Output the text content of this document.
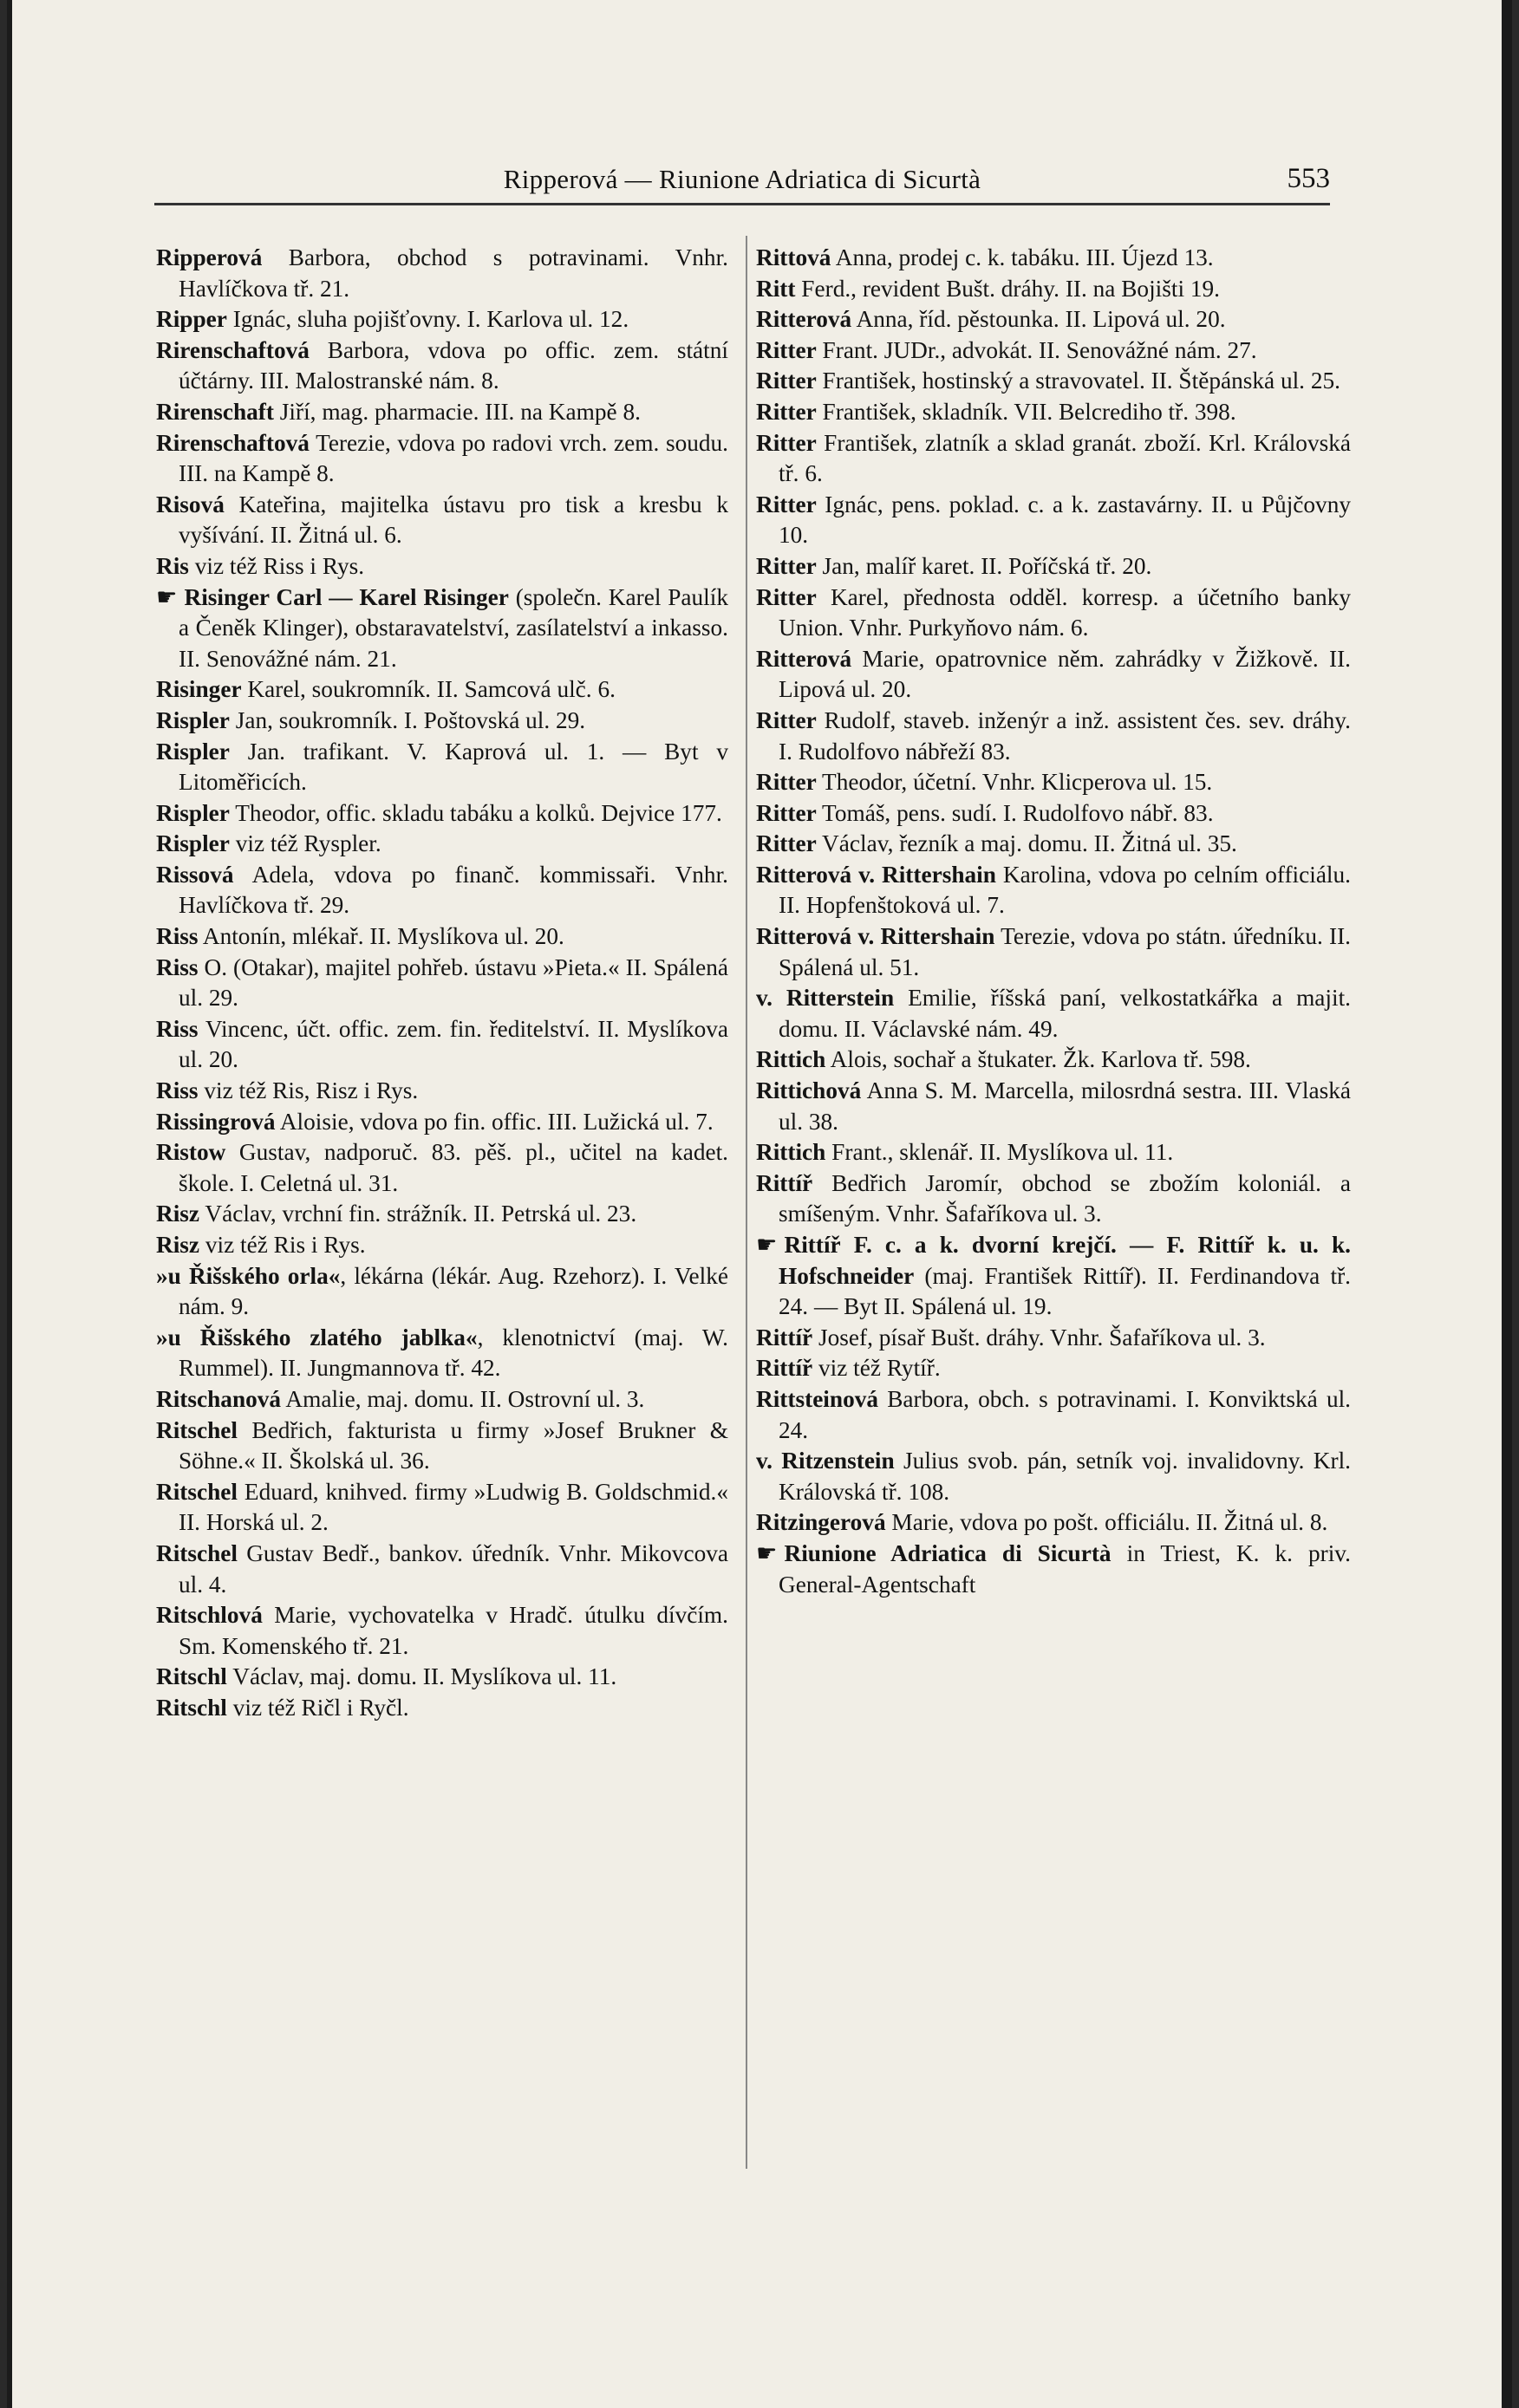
Ripperová — Riunione Adriatica di Sicurtà	553
Ripperová Barbora, obchod s potravinami. Vnhr. Havlíčkova tř. 21.
Ripper Ignác, sluha pojišťovny. I. Karlova ul. 12.
Rirenschaftová Barbora, vdova po offic. zem. státní účtárny. III. Malostranské nám. 8.
Rirenschaft Jiří, mag. pharmacie. III. na Kampě 8.
Rirenschaftová Terezie, vdova po radovi vrch. zem. soudu. III. na Kampě 8.
Risová Kateřina, majitelka ústavu pro tisk a kresbu k vyšívání. II. Žitná ul. 6.
Ris viz též Riss i Rys.
☛ Risinger Carl — Karel Risinger (společn. Karel Paulík a Čeněk Klinger), obstaravatelství, zasílatelství a inkasso. II. Senovážné nám. 21.
Risinger Karel, soukromník. II. Samcová ulč. 6.
Rispler Jan, soukromník. I. Poštovská ul. 29.
Rispler Jan. trafikant. V. Kaprová ul. 1. — Byt v Litoměřicích.
Rispler Theodor, offic. skladu tabáku a kolků. Dejvice 177.
Rispler viz též Ryspler.
Rissová Adela, vdova po finanč. kommissaři. Vnhr. Havlíčkova tř. 29.
Riss Antonín, mlékař. II. Myslíkova ul. 20.
Riss O. (Otakar), majitel pohřeb. ústavu »Pieta.« II. Spálená ul. 29.
Riss Vincenc, účt. offic. zem. fin. ředitelství. II. Myslíkova ul. 20.
Riss viz též Ris, Risz i Rys.
Rissingrová Aloisie, vdova po fin. offic. III. Lužická ul. 7.
Ristow Gustav, nadporuč. 83. pěš. pl., učitel na kadet. škole. I. Celetná ul. 31.
Risz Václav, vrchní fin. strážník. II. Petrská ul. 23.
Risz viz též Ris i Rys.
»u Řišského orla«, lékárna (lékár. Aug. Rzehorz). I. Velké nám. 9.
»u Řišského zlatého jablka«, klenotnictví (maj. W. Rummel). II. Jungmannova tř. 42.
Ritschanová Amalie, maj. domu. II. Ostrovní ul. 3.
Ritschel Bedřich, fakturista u firmy »Josef Brukner & Söhne.« II. Školská ul. 36.
Ritschel Eduard, knihved. firmy »Ludwig B. Goldschmid.« II. Horská ul. 2.
Ritschel Gustav Bedř., bankov. úředník. Vnhr. Mikovcova ul. 4.
Ritschlová Marie, vychovatelka v Hradč. útulku dívčím. Sm. Komenského tř. 21.
Ritschl Václav, maj. domu. II. Myslíkova ul. 11.
Ritschl viz též Ričl i Ryčl.
Rittová Anna, prodej c. k. tabáku. III. Újezd 13.
Ritt Ferd., revident Bušt. dráhy. II. na Bojišti 19.
Ritterová Anna, říd. pěstounka. II. Lipová ul. 20.
Ritter Frant. JUDr., advokát. II. Senovážné nám. 27.
Ritter František, hostinský a stravovatel. II. Štěpánská ul. 25.
Ritter František, skladník. VII. Belcrediho tř. 398.
Ritter František, zlatník a sklad granát. zboží. Krl. Královská tř. 6.
Ritter Ignác, pens. poklad. c. a k. zastavárny. II. u Půjčovny 10.
Ritter Jan, malíř karet. II. Poříčská tř. 20.
Ritter Karel, přednosta odděl. korresp. a účetního banky Union. Vnhr. Purkyňovo nám. 6.
Ritterová Marie, opatrovnice něm. zahrádky v Žižkově. II. Lipová ul. 20.
Ritter Rudolf, staveb. inženýr a inž. assistent čes. sev. dráhy. I. Rudolfovo nábřeží 83.
Ritter Theodor, účetní. Vnhr. Klicperova ul. 15.
Ritter Tomáš, pens. sudí. I. Rudolfovo nábř. 83.
Ritter Václav, řezník a maj. domu. II. Žitná ul. 35.
Ritterová v. Rittershain Karolina, vdova po celním officiálu. II. Hopfenštoková ul. 7.
Ritterová v. Rittershain Terezie, vdova po státn. úředníku. II. Spálená ul. 51.
v. Ritterstein Emilie, říšská paní, velkostatkářka a majit. domu. II. Václavské nám. 49.
Rittich Alois, sochař a štukater. Žk. Karlova tř. 598.
Rittichová Anna S. M. Marcella, milosrdná sestra. III. Vlaská ul. 38.
Rittich Frant., sklenář. II. Myslíkova ul. 11.
Rittíř Bedřich Jaromír, obchod se zbožím koloniál. a smíšeným. Vnhr. Šafaříkova ul. 3.
☛ Rittíř F. c. a k. dvorní krejčí. — F. Rittíř k. u. k. Hofschneider (maj. František Rittíř). II. Ferdinandova tř. 24. — Byt II. Spálená ul. 19.
Rittíř Josef, písař Bušt. dráhy. Vnhr. Šafaříkova ul. 3.
Rittíř viz též Rytíř.
Rittsteinová Barbora, obch. s potravinami. I. Konviktská ul. 24.
v. Ritzenstein Julius svob. pán, setník voj. invalidovny. Krl. Královská tř. 108.
Ritzingerová Marie, vdova po pošt. officiálu. II. Žitná ul. 8.
☛ Riunione Adriatica di Sicurtà in Triest, K. k. priv. General-Agentschaft
